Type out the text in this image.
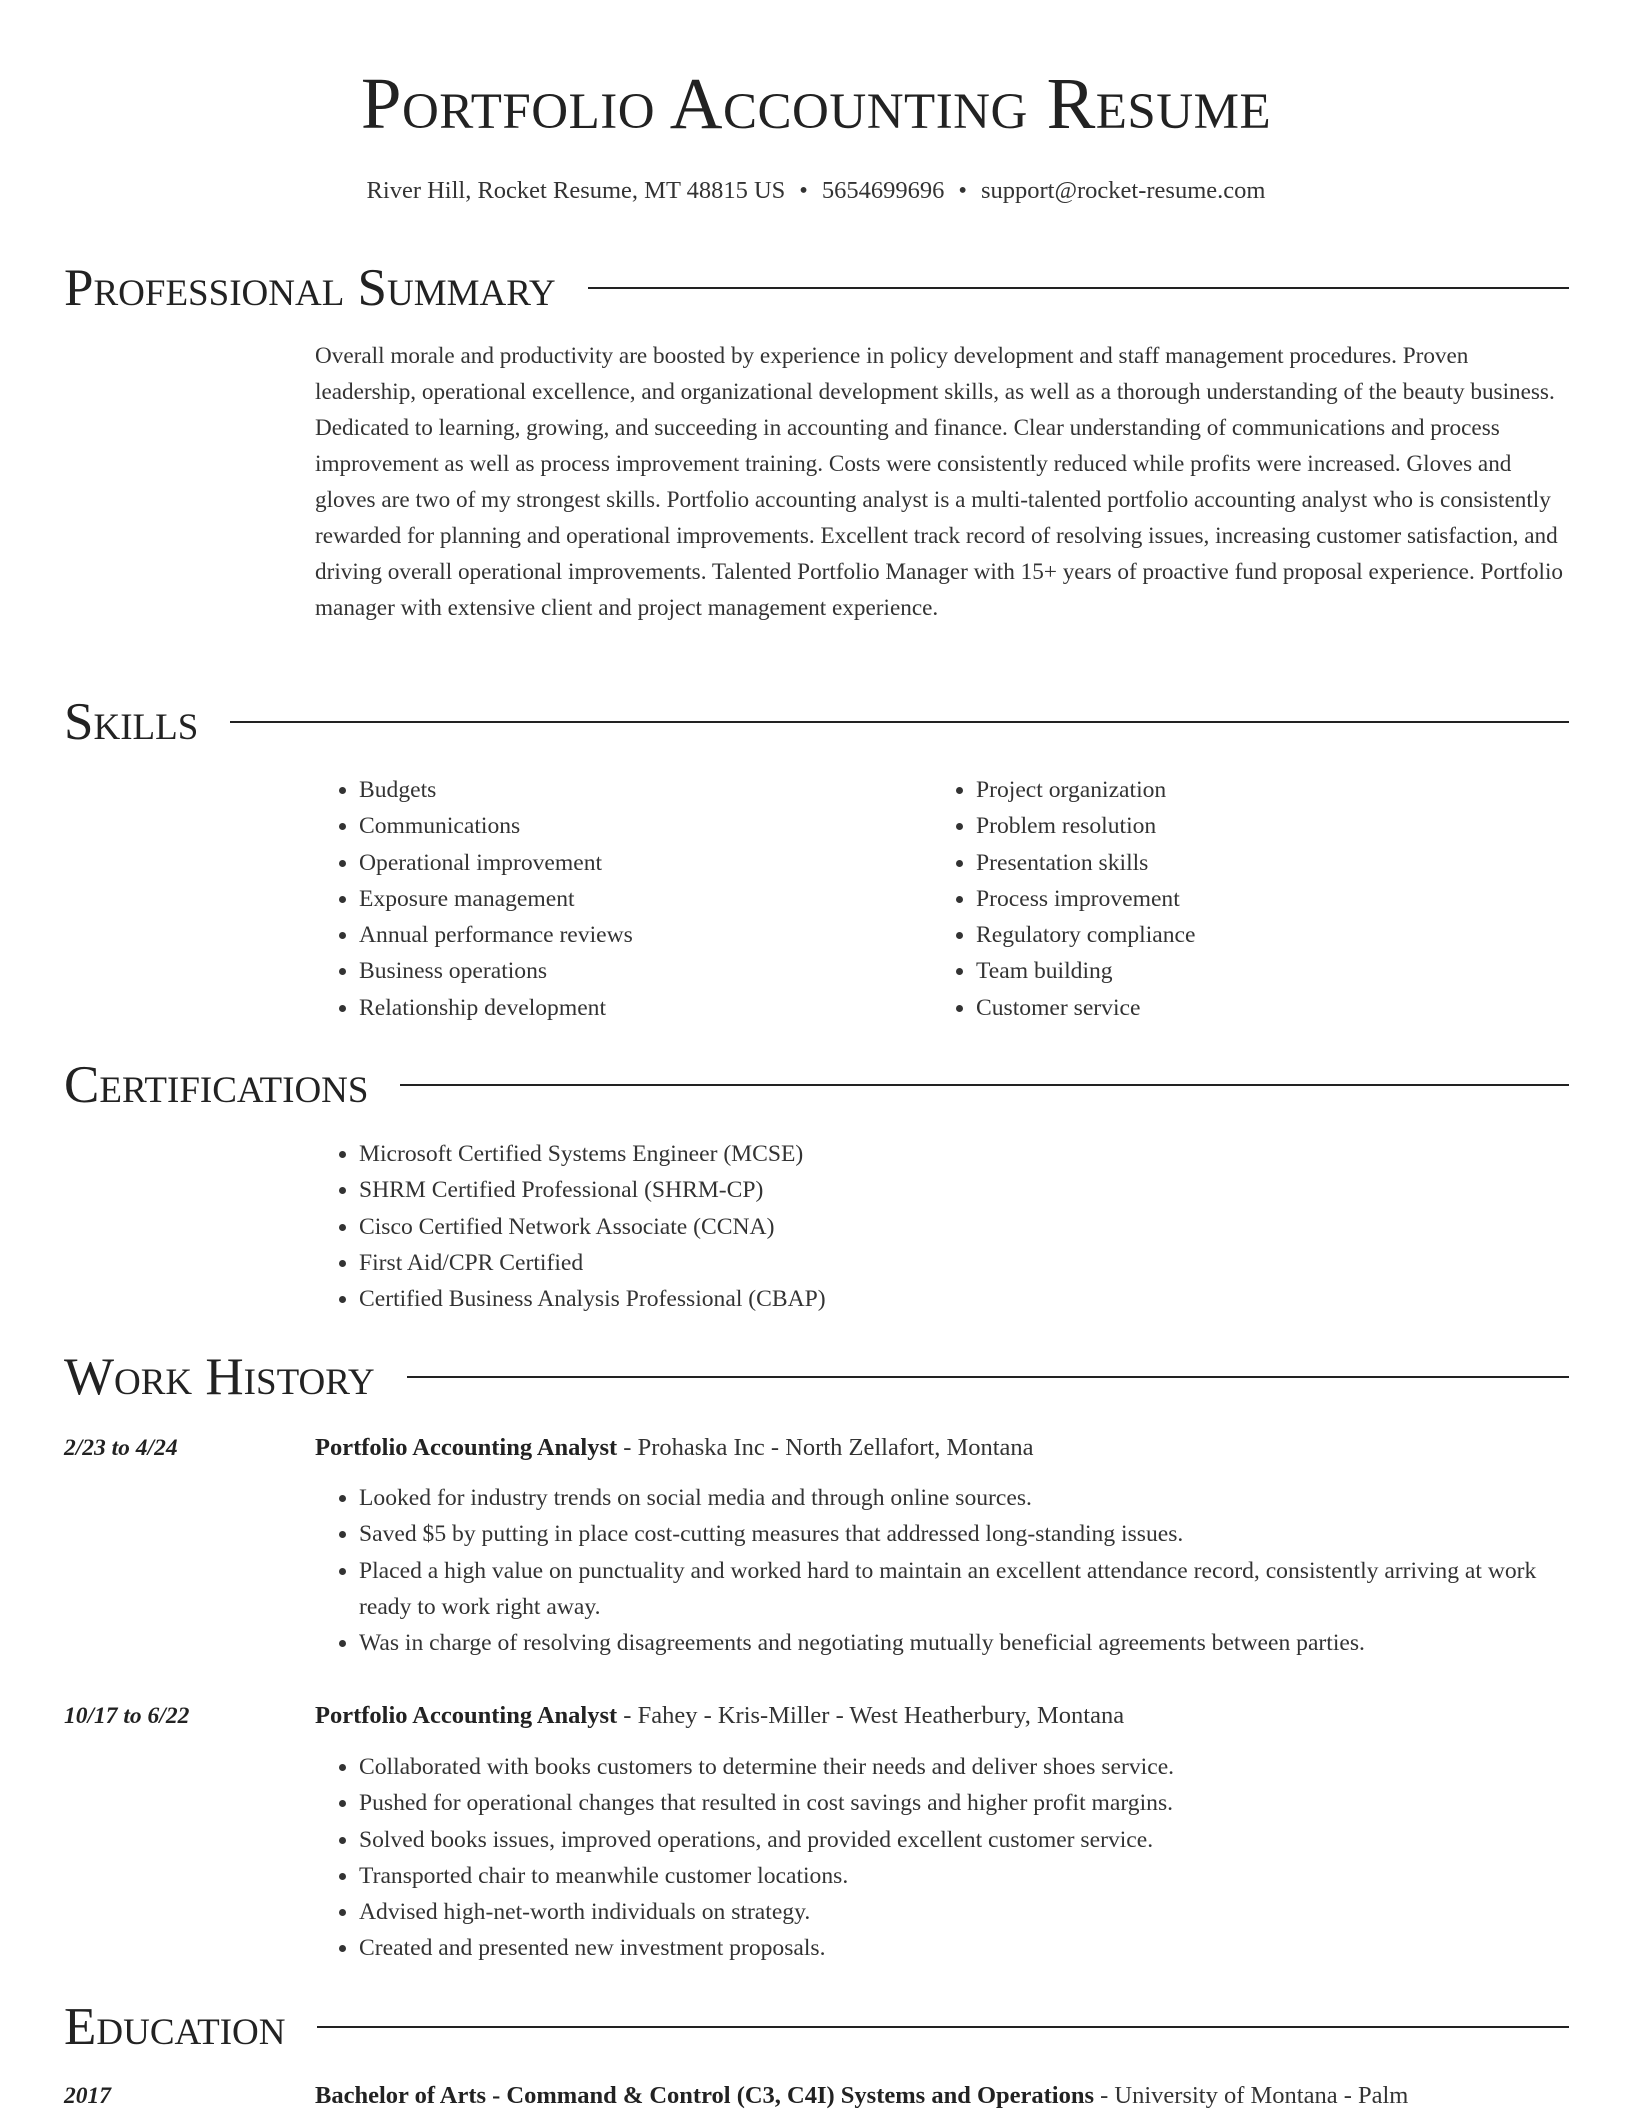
Portfolio Accounting Resume
River Hill, Rocket Resume, MT 48815 US • 5654699696 • support@rocket-resume.com
Professional Summary

Overall morale and productivity are boosted by experience in policy development and staff management procedures. Proven leadership, operational excellence, and organizational development skills, as well as a thorough understanding of the beauty business. Dedicated to learning, growing, and succeeding in accounting and finance. Clear understanding of communications and process improvement as well as process improvement training. Costs were consistently reduced while profits were increased. Gloves and gloves are two of my strongest skills. Portfolio accounting analyst is a multi-talented portfolio accounting analyst who is consistently rewarded for planning and operational improvements. Excellent track record of resolving issues, increasing customer satisfaction, and driving overall operational improvements. Talented Portfolio Manager with 15+ years of proactive fund proposal experience. Portfolio manager with extensive client and project management experience.

Skills
• Budgets
• Communications
• Operational improvement
• Exposure management
• Annual performance reviews
• Business operations
• Relationship development
• Project organization
• Problem resolution
• Presentation skills
• Process improvement
• Regulatory compliance
• Team building
• Customer service
Certifications
• Microsoft Certified Systems Engineer (MCSE)
• SHRM Certified Professional (SHRM-CP)
• Cisco Certified Network Associate (CCNA)
• First Aid/CPR Certified
• Certified Business Analysis Professional (CBAP)
Work History
2/23 to 4/24	Portfolio Accounting Analyst - Prohaska Inc - North Zellafort, Montana
• Looked for industry trends on social media and through online sources.
• Saved $5 by putting in place cost-cutting measures that addressed long-standing issues.
• Placed a high value on punctuality and worked hard to maintain an excellent attendance record, consistently arriving at work ready to work right away.
• Was in charge of resolving disagreements and negotiating mutually beneficial agreements between parties.
10/17 to 6/22	Portfolio Accounting Analyst - Fahey - Kris-Miller - West Heatherbury, Montana
• Collaborated with books customers to determine their needs and deliver shoes service.
• Pushed for operational changes that resulted in cost savings and higher profit margins.
• Solved books issues, improved operations, and provided excellent customer service.
• Transported chair to meanwhile customer locations.
• Advised high-net-worth individuals on strategy.
• Created and presented new investment proposals.
Education
2017	Bachelor of Arts - Command & Control (C3, C4I) Systems and Operations - University of Montana - Palm
